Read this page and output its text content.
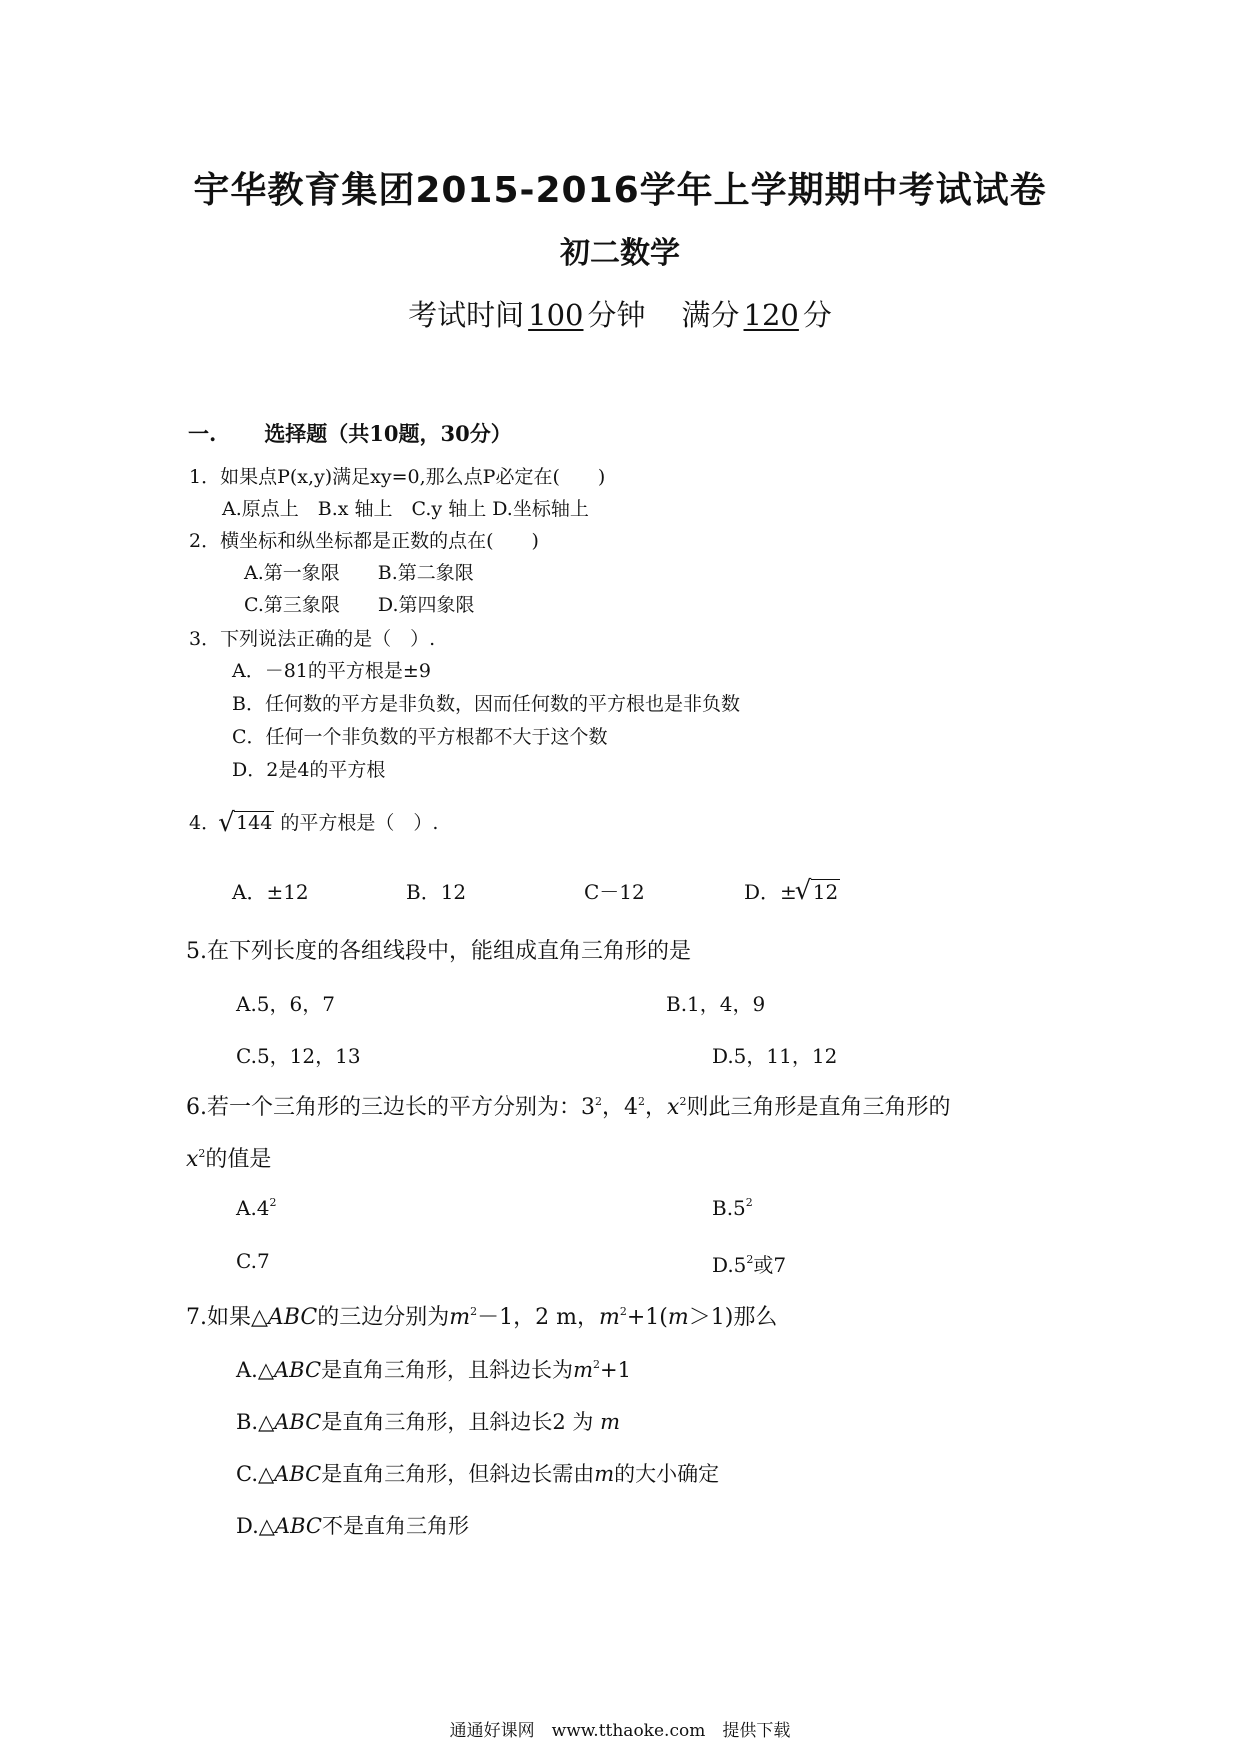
宇华教育集团2015-2016学年上学期期中考试试卷
初二数学
考试时间 100 分钟 满分 120 分
一. 选择题（共10题，30分）
1．如果点P(x,y)满足xy=0,那么点P必定在(　　)
A.原点上　B.x 轴上　C.y 轴上 D.坐标轴上
2．横坐标和纵坐标都是正数的点在(　　)
A.第一象限　　B.第二象限
C.第三象限　　D.第四象限
3．下列说法正确的是（　）.
A．－81的平方根是±9
B．任何数的平方是非负数，因而任何数的平方根也是非负数
C．任何一个非负数的平方根都不大于这个数
D．2是4的平方根
4． √ 144 的平方根是（　）.
A．±12	B．12	C－12	D．± √ 12
5.在下列长度的各组线段中，能组成直角三角形的是
A.5，6，7	B.1，4，9
C.5，12，13	D.5，11，12
6.若一个三角形的三边长的平方分别为：$3^2$，$4^2$，$x^2$则此三角形是直角三角形的
$x^2$的值是
$A.4^2$	$B.5^2$
C.7	$D.5^2$或7
7.如果△ABC的三边分别为$m^2-1$，2 m，$m^2+1(m>1)$那么
A.△ABC是直角三角形，且斜边长为$m^2+1$
B.△ABC是直角三角形，且斜边长2 为 m
C.△ABC是直角三角形，但斜边长需由m的大小确定
D.△ABC不是直角三角形
通通好课网　www.tthaoke.com　提供下载
